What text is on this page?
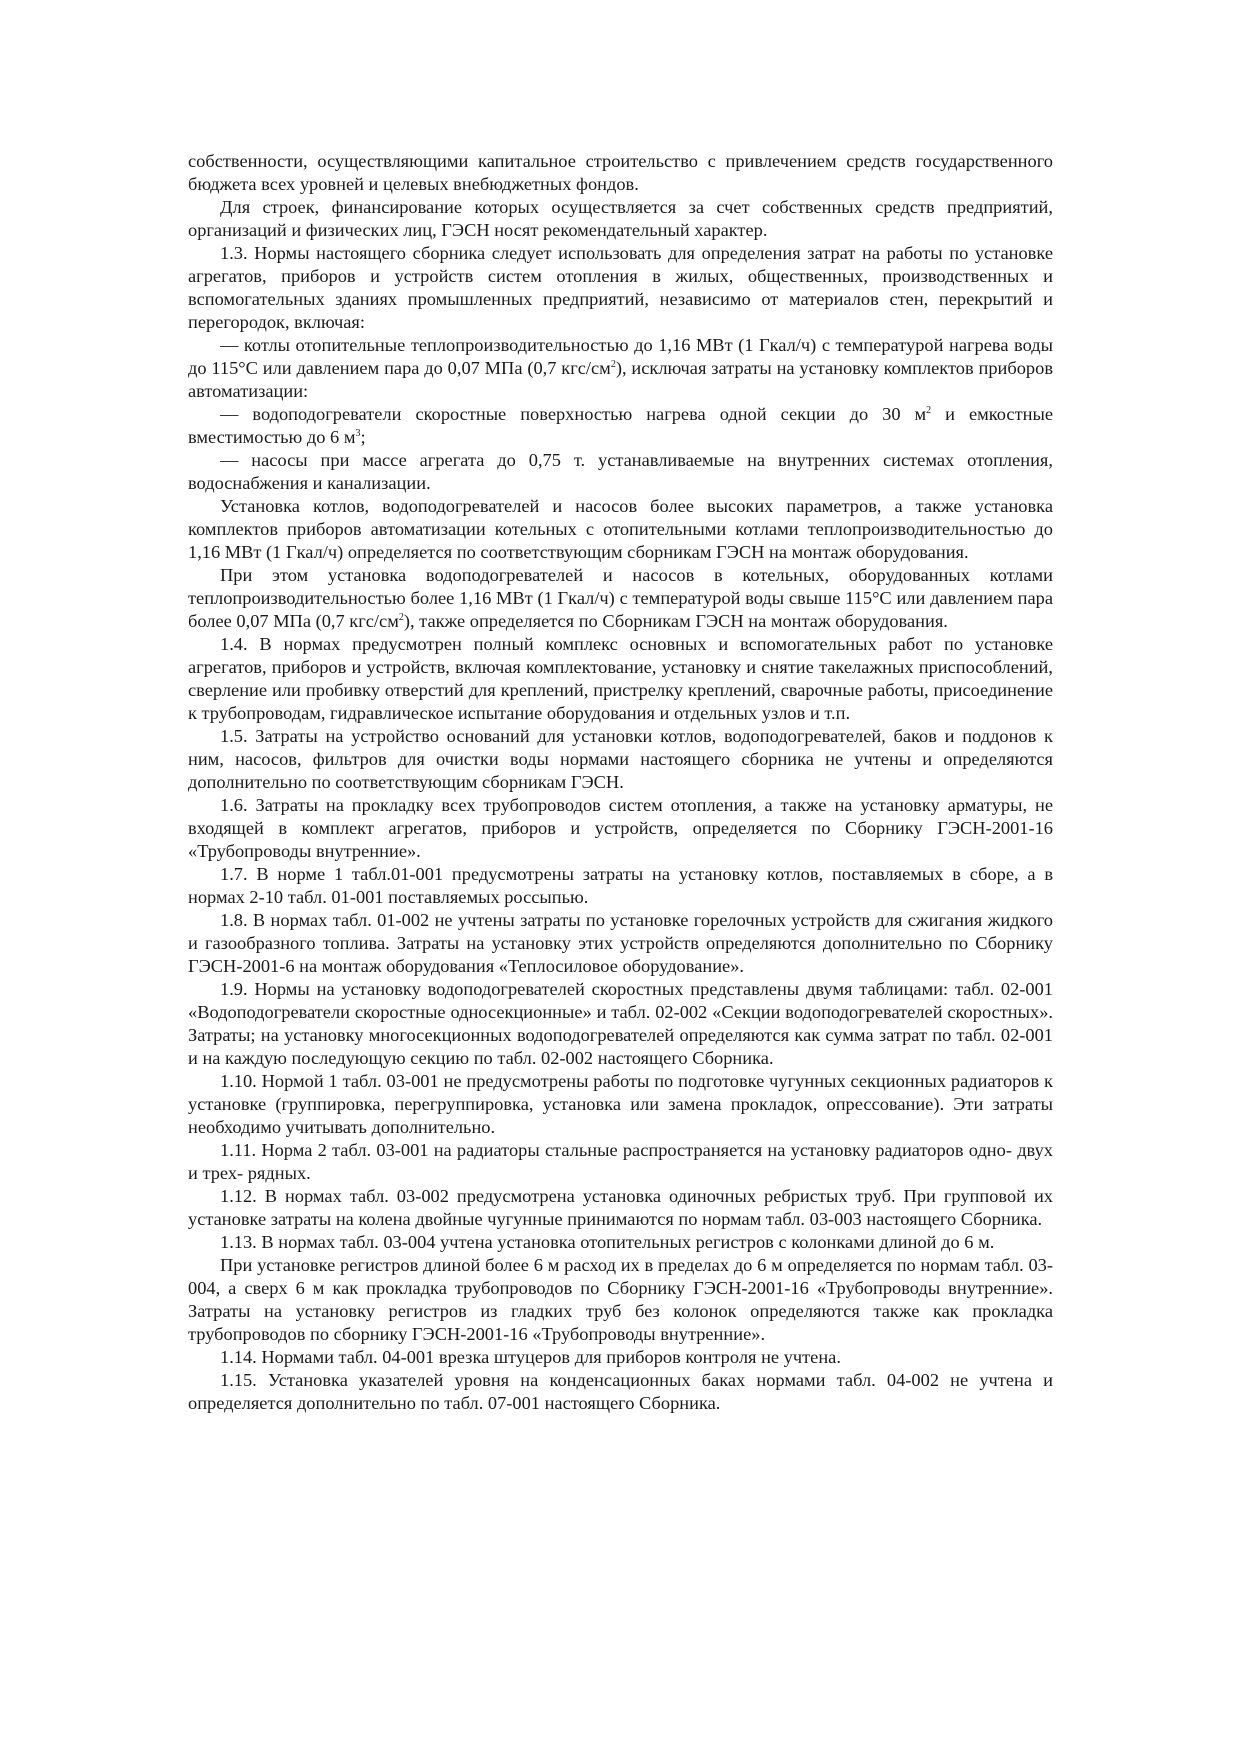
собственности, осуществляющими капитальное строительство с привлечением средств государственного бюджета всех уровней и целевых внебюджетных фондов.

Для строек, финансирование которых осуществляется за счет собственных средств предприятий, организаций и физических лиц, ГЭСН носят рекомендательный характер.

1.3. Нормы настоящего сборника следует использовать для определения затрат на работы по установке агрегатов, приборов и устройств систем отопления в жилых, общественных, производственных и вспомогательных зданиях промышленных предприятий, независимо от материалов стен, перекрытий и перегородок, включая:

— котлы отопительные теплопроизводительностью до 1,16 МВт (1 Гкал/ч) с температурой нагрева воды до 115°С или давлением пара до 0,07 МПа (0,7 кгс/$см^2$), исключая затраты на установку комплектов приборов автоматизации:

— водоподогреватели скоростные поверхностью нагрева одной секции до 30 $м^2$ и емкостные вместимостью до 6 $м^3$;

— насосы при массе агрегата до 0,75 т. устанавливаемые на внутренних системах отопления, водоснабжения и канализации.

Установка котлов, водоподогревателей и насосов более высоких параметров, а также установка комплектов приборов автоматизации котельных с отопительными котлами теплопроизводительностью до 1,16 МВт (1 Гкал/ч) определяется по соответствующим сборникам ГЭСН на монтаж оборудования.

При этом установка водоподогревателей и насосов в котельных, оборудованных котлами теплопроизводительностью более 1,16 МВт (1 Гкал/ч) с температурой воды свыше 115°С или давлением пара более 0,07 МПа (0,7 кгс/$см^2$), также определяется по Сборникам ГЭСН на монтаж оборудования.

1.4. В нормах предусмотрен полный комплекс основных и вспомогательных работ по установке агрегатов, приборов и устройств, включая комплектование, установку и снятие такелажных приспособлений, сверление или пробивку отверстий для креплений, пристрелку креплений, сварочные работы, присоединение к трубопроводам, гидравлическое испытание оборудования и отдельных узлов и т.п.

1.5. Затраты на устройство оснований для установки котлов, водоподогревателей, баков и поддонов к ним, насосов, фильтров для очистки воды нормами настоящего сборника не учтены и определяются дополнительно по соответствующим сборникам ГЭСН.

1.6. Затраты на прокладку всех трубопроводов систем отопления, а также на установку арматуры, не входящей в комплект агрегатов, приборов и устройств, определяется по Сборнику ГЭСН-2001-16 «Трубопроводы внутренние».

1.7. В норме 1 табл.01-001 предусмотрены затраты на установку котлов, поставляемых в сборе, а в нормах 2-10 табл. 01-001 поставляемых россыпью.

1.8. В нормах табл. 01-002 не учтены затраты по установке горелочных устройств для сжигания жидкого и газообразного топлива. Затраты на установку этих устройств определяются дополнительно по Сборнику ГЭСН-2001-6 на монтаж оборудования «Теплосиловое оборудование».

1.9. Нормы на установку водоподогревателей скоростных представлены двумя таблицами: табл. 02-001 «Водоподогреватели скоростные односекционные» и табл. 02-002 «Секции водоподогревателей скоростных». Затраты; на установку многосекционных водоподогревателей определяются как сумма затрат по табл. 02-001 и на каждую последующую секцию по табл. 02-002 настоящего Сборника.

1.10. Нормой 1 табл. 03-001 не предусмотрены работы по подготовке чугунных секционных радиаторов к установке (группировка, перегруппировка, установка или замена прокладок, опрессование). Эти затраты необходимо учитывать дополнительно.

1.11. Норма 2 табл. 03-001 на радиаторы стальные распространяется на установку радиаторов одно- двух и трех- рядных.

1.12. В нормах табл. 03-002 предусмотрена установка одиночных ребристых труб. При групповой их установке затраты на колена двойные чугунные принимаются по нормам табл. 03-003 настоящего Сборника.

1.13. В нормах табл. 03-004 учтена установка отопительных регистров с колонками длиной до 6 м.

При установке регистров длиной более 6 м расход их в пределах до 6 м определяется по нормам табл. 03-004, а сверх 6 м как прокладка трубопроводов по Сборнику ГЭСН-2001-16 «Трубопроводы внутренние». Затраты на установку регистров из гладких труб без колонок определяются также как прокладка трубопроводов по сборнику ГЭСН-2001-16 «Трубопроводы внутренние».

1.14. Нормами табл. 04-001 врезка штуцеров для приборов контроля не учтена.

1.15. Установка указателей уровня на конденсационных баках нормами табл. 04-002 не учтена и определяется дополнительно по табл. 07-001 настоящего Сборника.
